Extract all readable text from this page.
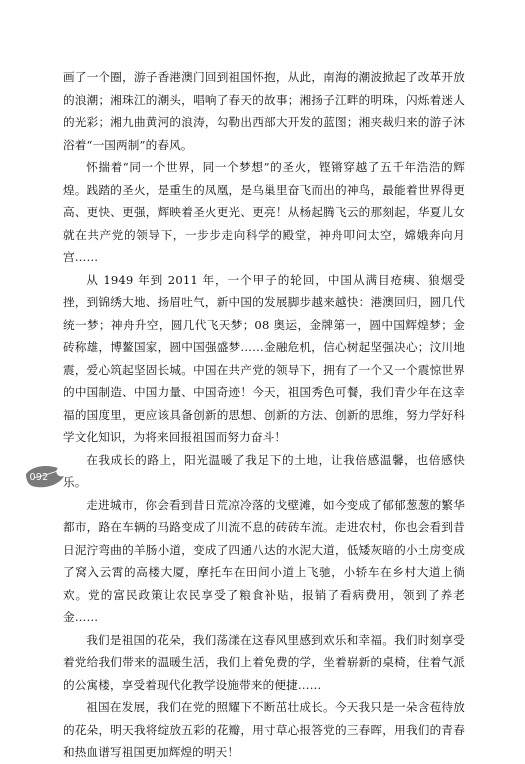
画了一个圈，游子香港澳门回到祖国怀抱，从此，南海的潮波掀起了改革开放的浪潮；湘珠江的潮头，唱响了春天的故事；湘扬子江畔的明珠，闪烁着迷人的光彩；湘九曲黄河的浪涛，勾勒出西部大开发的蓝图；湘夹裁归来的游子沐浴着“一国两制”的春风。

怀揣着“同一个世界，同一个梦想”的圣火，铿锵穿越了五千年浩浩的辉煌。践踏的圣火，是重生的凤凰，是乌巢里奋飞而出的神鸟，最能着世界得更高、更快、更强，辉映着圣火更光、更亮！从杨起腾飞云的那刻起，华夏儿女就在共产党的领导下，一步步走向科学的殿堂，神舟叩问太空，嫦娥奔向月宫……

从 1949 年到 2011 年，一个甲子的轮回，中国从满目疮痍、狼烟受挫，到锦绣大地、扬眉吐气，新中国的发展脚步越来越快：港澳回归，圆几代统一梦；神舟升空，圆几代飞天梦；08 奥运，金牌第一，圆中国辉煌梦；金砖称雄，博鳌国家，圆中国强盛梦……金融危机，信心树起坚强决心；汶川地震，爱心筑起坚固长城。中国在共产党的领导下，拥有了一个又一个震惊世界的中国制造、中国力量、中国奇迹！今天，祖国秀色可餐，我们青少年在这幸福的国度里，更应该具备创新的思想、创新的方法、创新的思维，努力学好科学文化知识，为将来回报祖国而努力奋斗！

在我成长的路上，阳光温暖了我足下的土地，让我倍感温馨，也倍感快乐。

走进城市，你会看到昔日荒凉冷落的戈壁滩，如今变成了郁郁葱葱的繁华都市，路在车辆的马路变成了川流不息的砖砖车流。走进农村，你也会看到昔日泥泞弯曲的羊肠小道，变成了四通八达的水泥大道，低矮灰暗的小土房变成了窝入云霄的高楼大厦，摩托车在田间小道上飞驰，小轿车在乡村大道上徜欢。党的富民政策让农民享受了粮食补贴，报销了看病费用，领到了养老金……

我们是祖国的花朵，我们荡漾在这春风里感到欢乐和幸福。我们时刻享受着党给我们带来的温暖生活，我们上着免费的学，坐着崭新的桌椅，住着气派的公寓楼，享受着现代化教学设施带来的便捷……

祖国在发展，我们在党的照耀下不断茁壮成长。今天我只是一朵含苞待放的花朵，明天我将绽放五彩的花瓣，用寸草心报答党的三春晖，用我们的青春和热血谱写祖国更加辉煌的明天！

092
